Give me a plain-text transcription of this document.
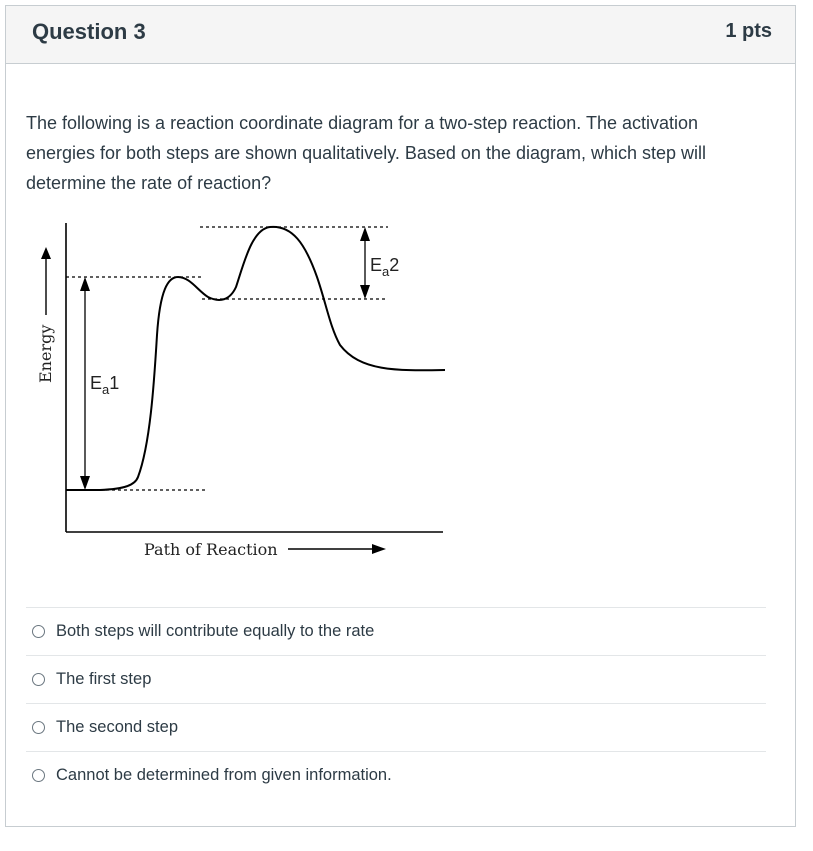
Question 3	1 pts
The following is a reaction coordinate diagram for a two-step reaction. The activation energies for both steps are shown qualitatively. Based on the diagram, which step will determine the rate of reaction?
Energy $E_a1$
$E_a2$
Path of Reaction
Both steps will contribute equally to the rate
The first step
The second step
Cannot be determined from given information.
